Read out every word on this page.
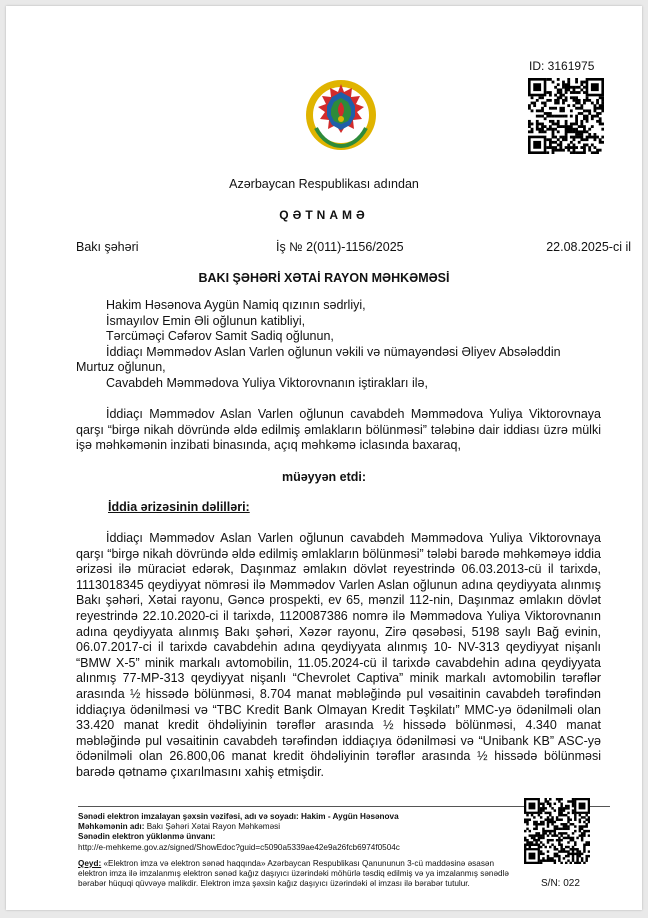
ID: 3161975
Azərbaycan Respublikası adından
QƏTNAMƏ
Bakı şəhəri	İş № 2(011)-1156/2025	22.08.2025-ci il
BAKI ŞƏHƏRİ XƏTAİ RAYON MƏHKƏMƏSİ

Hakim Həsənova Aygün Namiq qızının sədrliyi,

İsmayılov Emin Əli oğlunun katibliyi,

Tərcüməçi Cəfərov Samit Sadiq oğlunun,

İddiaçı Məmmədov Aslan Varlen oğlunun vəkili və nümayəndəsi Əliyev Absələddin Murtuz oğlunun,

Cavabdeh Məmmədova Yuliya Viktorovnanın iştirakları ilə,

İddiaçı Məmmədov Aslan Varlen oğlunun cavabdeh Məmmədova Yuliya Viktorovnaya qarşı “birgə nikah dövründə əldə edilmiş əmlakların bölünməsi” tələbinə dair iddiası üzrə mülki işə məhkəmənin inzibati binasında, açıq məhkəmə iclasında baxaraq,

müəyyən etdi:
İddia ərizəsinin dəlilləri:

İddiaçı Məmmədov Aslan Varlen oğlunun cavabdeh Məmmədova Yuliya Viktorovnaya qarşı “birgə nikah dövründə əldə edilmiş əmlakların bölünməsi” tələbi barədə məhkəməyə iddia ərizəsi ilə müraciət edərək, Daşınmaz əmlakın dövlət reyestrində 06.03.2013-cü il tarixdə, 1113018345 qeydiyyat nömrəsi ilə Məmmədov Varlen Aslan oğlunun adına qeydiyyata alınmış Bakı şəhəri, Xətai rayonu, Gəncə prospekti, ev 65, mənzil 112-nin, Daşınmaz əmlakın dövlət reyestrində 22.10.2020-ci il tarixdə, 1120087386 nomrə ilə Məmmədova Yuliya Viktorovnanın adına qeydiyyata alınmış Bakı şəhəri, Xəzər rayonu, Zirə qəsəbəsi, 5198 saylı Bağ evinin, 06.07.2017-ci il tarixdə cavabdehin adına qeydiyyata alınmış 10- NV-313 qeydiyyat nişanlı “BMW X-5” minik markalı avtomobilin, 11.05.2024-cü il tarixdə cavabdehin adına qeydiyyata alınmış 77-MP-313 qeydiyyat nişanlı “Chevrolet Captiva” minik markalı avtomobilin tərəflər arasında ½ hissədə bölünməsi, 8.704 manat məbləğində pul vəsaitinin cavabdeh tərəfindən iddiaçıya ödənilməsi və “TBC Kredit Bank Olmayan Kredit Təşkilatı” MMC-yə ödənilməli olan 33.420 manat kredit öhdəliyinin tərəflər arasında ½ hissədə bölünməsi, 4.340 manat məbləğində pul vəsaitinin cavabdeh tərəfindən iddiaçıya ödənilməsi və “Unibank KB” ASC-yə ödənilməli olan 26.800,06 manat kredit öhdəliyinin tərəflər arasında ½ hissədə bölünməsi barədə qətnamə çıxarılmasını xahiş etmişdir.

Sənədi elektron imzalayan şəxsin vəzifəsi, adı və soyadı: Hakim - Aygün Həsənova

Məhkəmənin adı: Bakı Şəhəri Xətai Rayon Məhkəməsi

Sənədin elektron yüklənmə ünvanı:

http://e-mehkeme.gov.az/signed/ShowEdoc?guid=c5090a5339ae42e9a26fcb6974f0504c

Qeyd: «Elektron imza və elektron sənəd haqqında» Azərbaycan Respublikası Qanununun 3-cü maddəsinə əsasən elektron imza ilə imzalanmış elektron sənəd kağız daşıyıcı üzərindəki möhürlə təsdiq edilmiş və ya imzalanmış sənədlə bərabər hüquqi qüvvəyə malikdir. Elektron imza şəxsin kağız daşıyıcı üzərindəki əl imzası ilə bərabər tutulur.	S/N: 022
